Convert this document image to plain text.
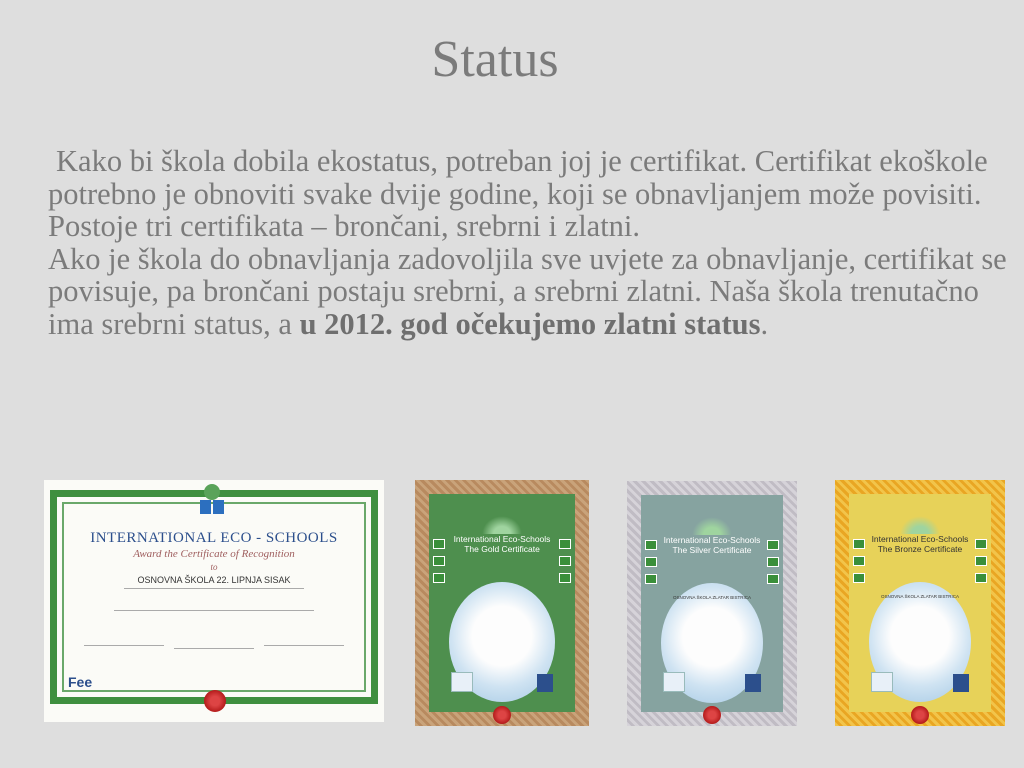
Status

Kako bi škola dobila ekostatus, potreban joj je certifikat. Certifikat ekoškole potrebno je obnoviti svake dvije godine, koji se obnavljanjem može povisiti. Postoje tri certifikata – brončani, srebrni i zlatni.

Ako je škola do obnavljanja zadovoljila sve uvjete za obnavljanje, certifikat se povisuje, pa brončani postaju srebrni, a srebrni zlatni. Naša škola trenutačno ima srebrni status, a u 2012. god očekujemo zlatni status.

INTERNATIONAL ECO - SCHOOLS
Award the Certificate of Recognition
to
OSNOVNA ŠKOLA 22. LIPNJA SISAK
Fee
International Eco-Schools
The Gold Certificate
International Eco-Schools
The Silver Certificate
OSNOVNA ŠKOLA ZLATAR BISTRICA
International Eco-Schools
The Bronze Certificate
OSNOVNA ŠKOLA ZLATAR BISTRICA
